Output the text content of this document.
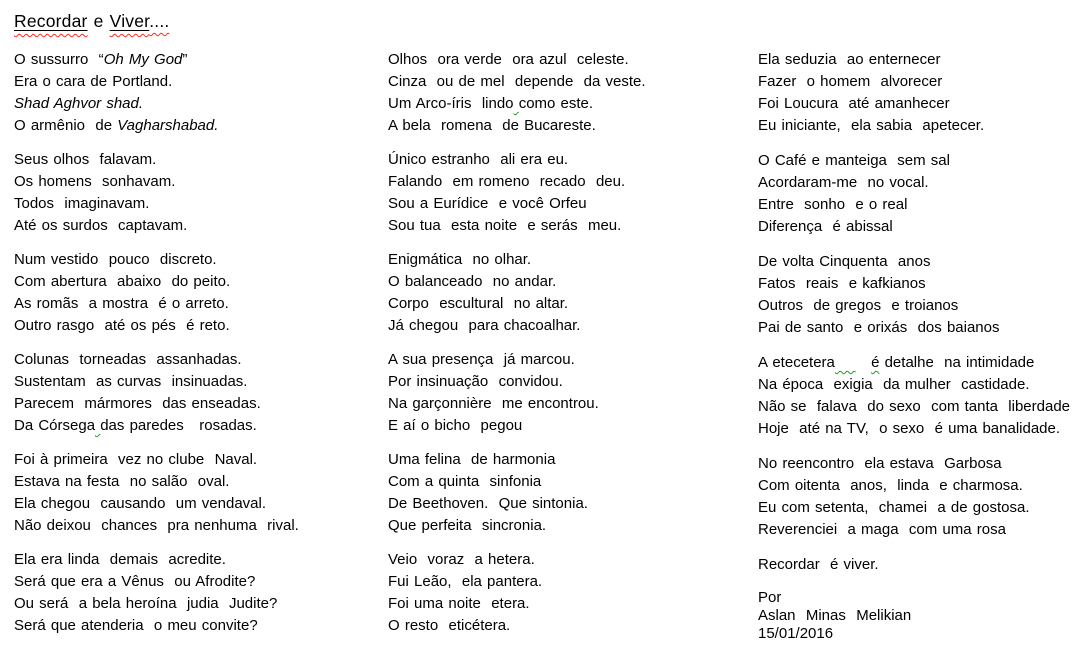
Recordar e Viver....
O sussurro  “Oh My God”
Era o cara de Portland.
Shad Aghvor shad.
O armênio  de Vagharshabad.
Seus olhos  falavam.
Os homens  sonhavam.
Todos  imaginavam.
Até os surdos  captavam.
Num vestido  pouco  discreto.
Com abertura  abaixo  do peito.
As romãs  a mostra  é o arreto.
Outro rasgo  até os pés  é reto.
Colunas  torneadas  assanhadas.
Sustentam  as curvas  insinuadas.
Parecem  mármores  das enseadas.
Da Córsega das paredes   rosadas.
Foi à primeira  vez no clube  Naval.
Estava na festa  no salão  oval.
Ela chegou  causando  um vendaval.
Não deixou  chances  pra nenhuma  rival.
Ela era linda  demais  acredite.
Será que era a Vênus  ou Afrodite?
Ou será  a bela heroína  judia  Judite?
Será que atenderia  o meu convite?
Olhos  ora verde  ora azul  celeste.
Cinza  ou de mel  depende  da veste.
Um Arco-íris  lindo como este.
A bela  romena  de Bucareste.
Único estranho  ali era eu.
Falando  em romeno  recado  deu.
Sou a Eurídice  e você Orfeu
Sou tua  esta noite  e serás  meu.
Enigmática  no olhar.
O balanceado  no andar.
Corpo  escultural  no altar.
Já chegou  para chacoalhar.
A sua presença  já marcou.
Por insinuação  convidou.
Na garçonnière  me encontrou.
E aí o bicho  pegou
Uma felina  de harmonia
Com a quinta  sinfonia
De Beethoven.  Que sintonia.
Que perfeita  sincronia.
Veio  voraz  a hetera.
Fui Leão,  ela pantera.
Foi uma noite  etera.
O resto  eticétera.
Ela seduzia  ao enternecer
Fazer  o homem  alvorecer
Foi Loucura  até amanhecer
Eu iniciante,  ela sabia  apetecer.
O Café e manteiga  sem sal
Acordaram-me  no vocal.
Entre  sonho  e o real
Diferença  é abissal
De volta Cinquenta  anos
Fatos  reais  e kafkianos
Outros  de gregos  e troianos
Pai de santo  e orixás  dos baianos
A etecetera é detalhe  na intimidade
Na época  exigia  da mulher  castidade.
Não se  falava  do sexo  com tanta  liberdade
Hoje  até na TV,  o sexo  é uma banalidade.
No reencontro  ela estava  Garbosa
Com oitenta  anos,  linda  e charmosa.
Eu com setenta,  chamei  a de gostosa.
Reverenciei  a maga  com uma rosa
Recordar  é viver.
Por
Aslan  Minas  Melikian
15/01/2016
